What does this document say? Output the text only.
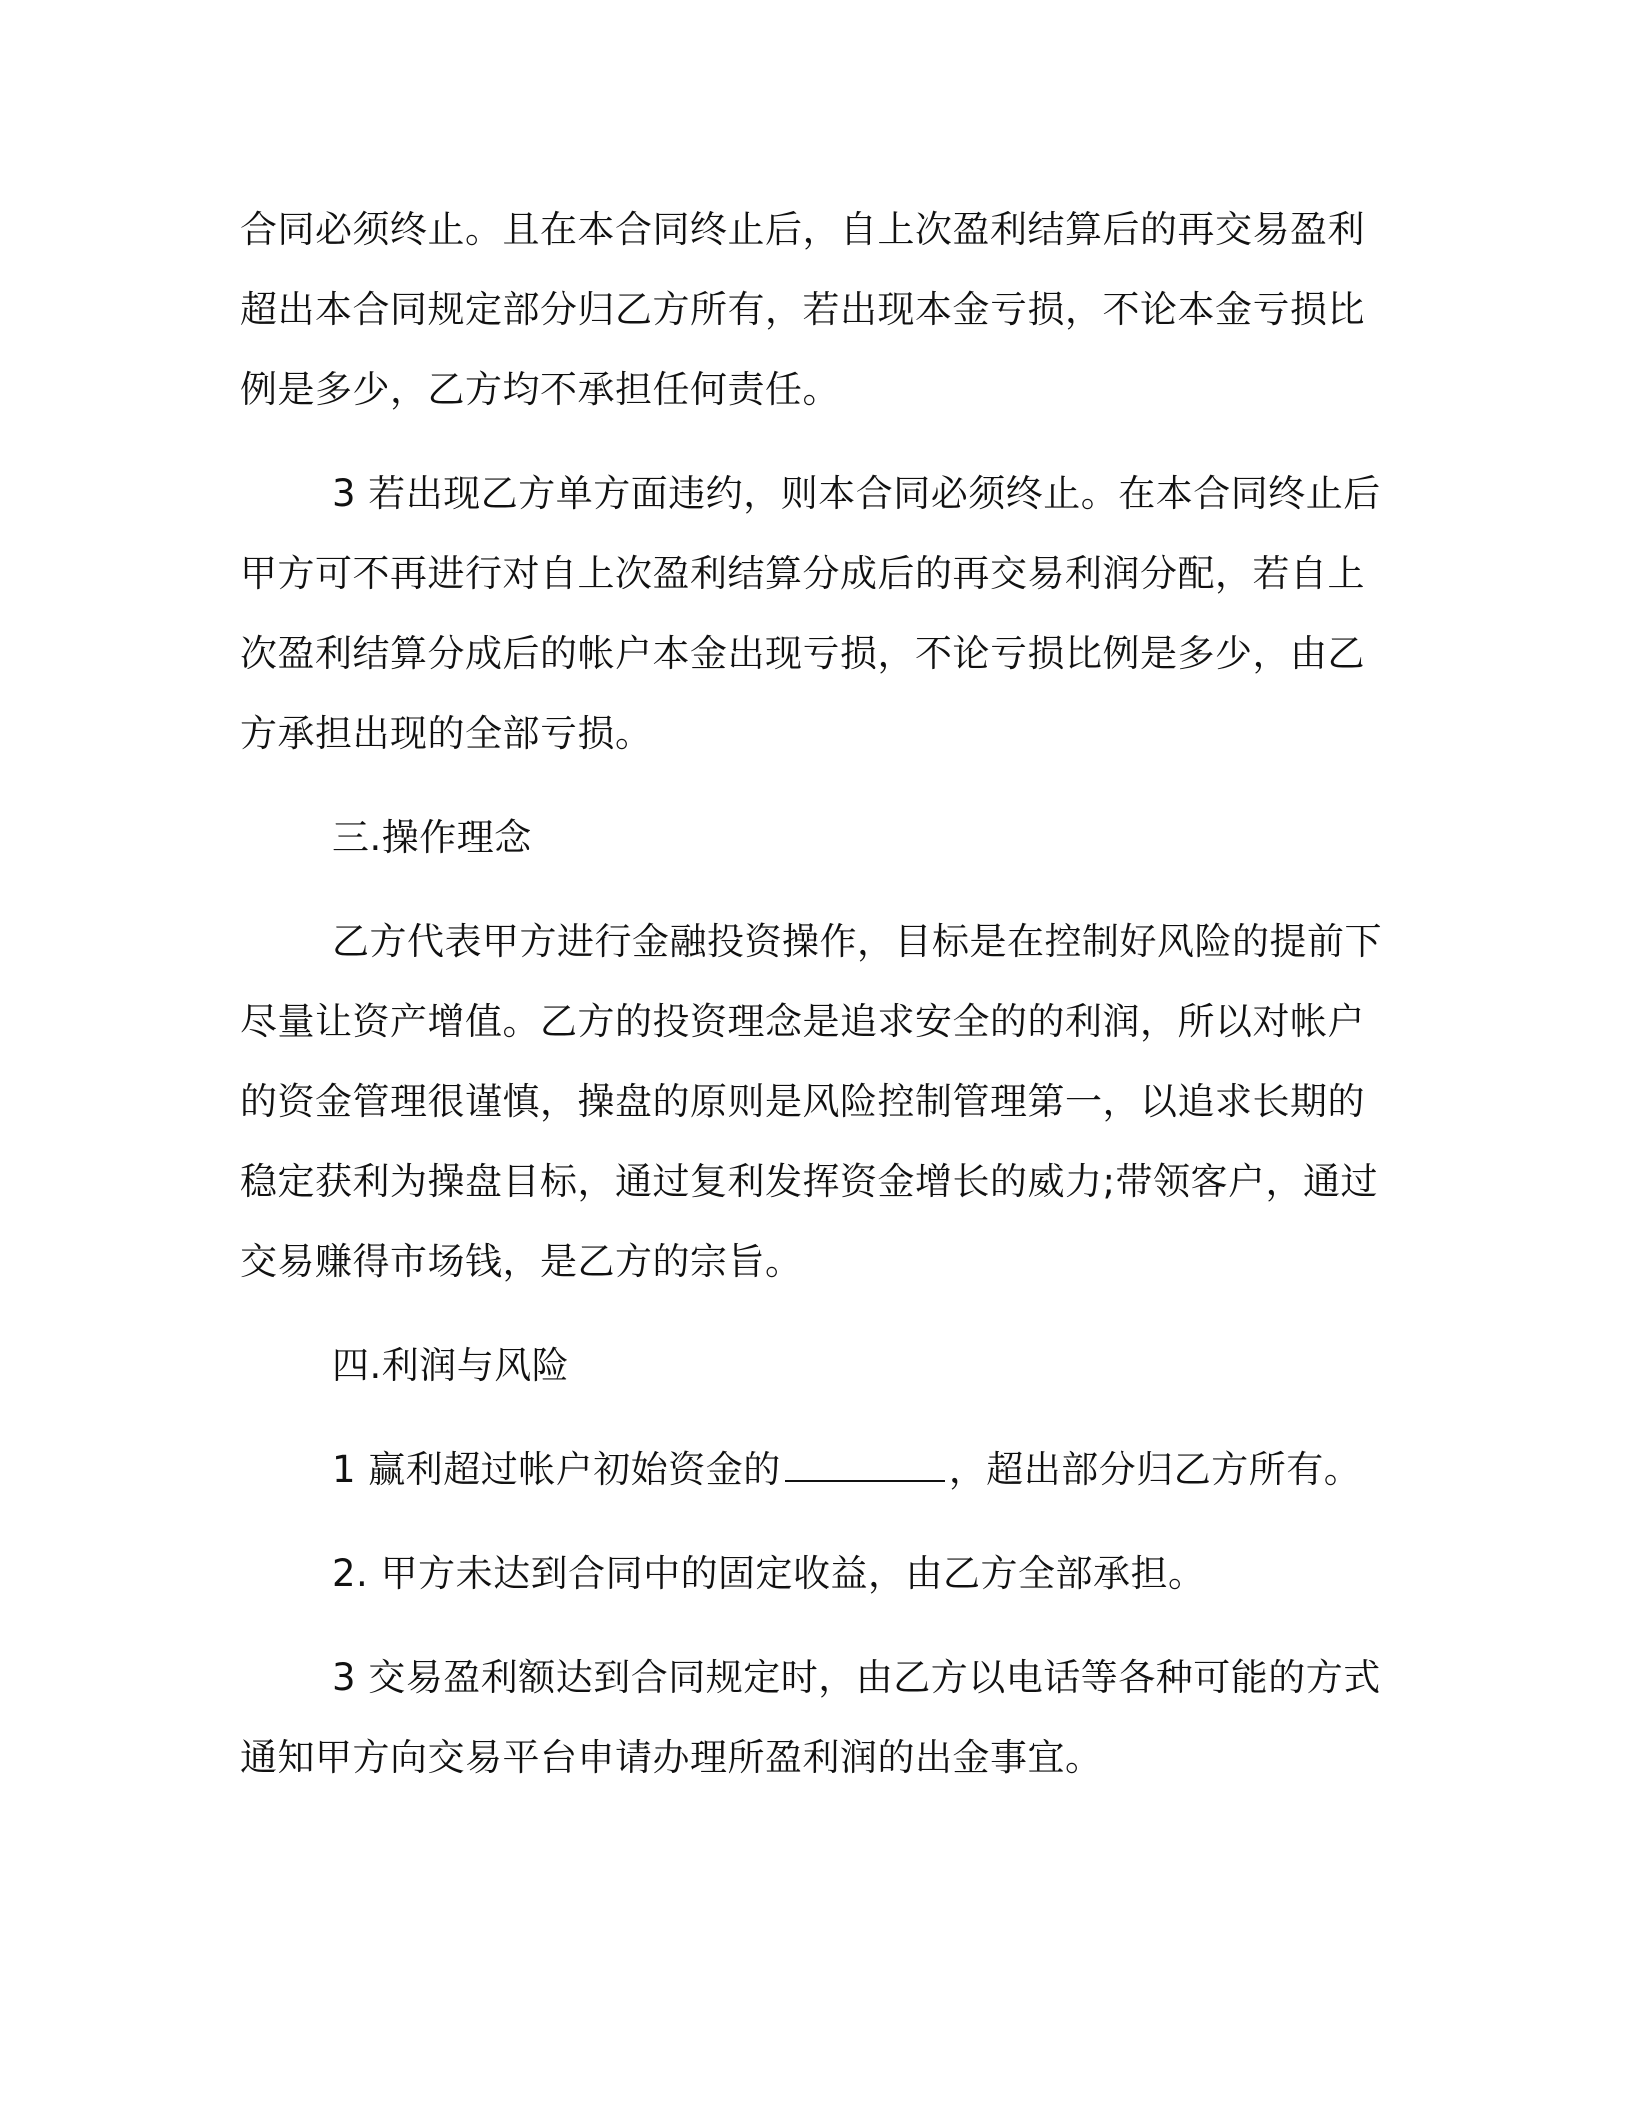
合同必须终止。且在本合同终止后，自上次盈利结算后的再交易盈利
超出本合同规定部分归乙方所有，若出现本金亏损，不论本金亏损比
例是多少，乙方均不承担任何责任。

3 若出现乙方单方面违约，则本合同必须终止。在本合同终止后
甲方可不再进行对自上次盈利结算分成后的再交易利润分配，若自上
次盈利结算分成后的帐户本金出现亏损，不论亏损比例是多少，由乙
方承担出现的全部亏损。

三.操作理念

乙方代表甲方进行金融投资操作，目标是在控制好风险的提前下
尽量让资产增值。乙方的投资理念是追求安全的的利润，所以对帐户
的资金管理很谨慎，操盘的原则是风险控制管理第一，以追求长期的
稳定获利为操盘目标，通过复利发挥资金增长的威力;带领客户，通过
交易赚得市场钱，是乙方的宗旨。

四.利润与风险

1 赢利超过帐户初始资金的	，超出部分归乙方所有。

2. 甲方未达到合同中的固定收益，由乙方全部承担。

3 交易盈利额达到合同规定时，由乙方以电话等各种可能的方式
通知甲方向交易平台申请办理所盈利润的出金事宜。
